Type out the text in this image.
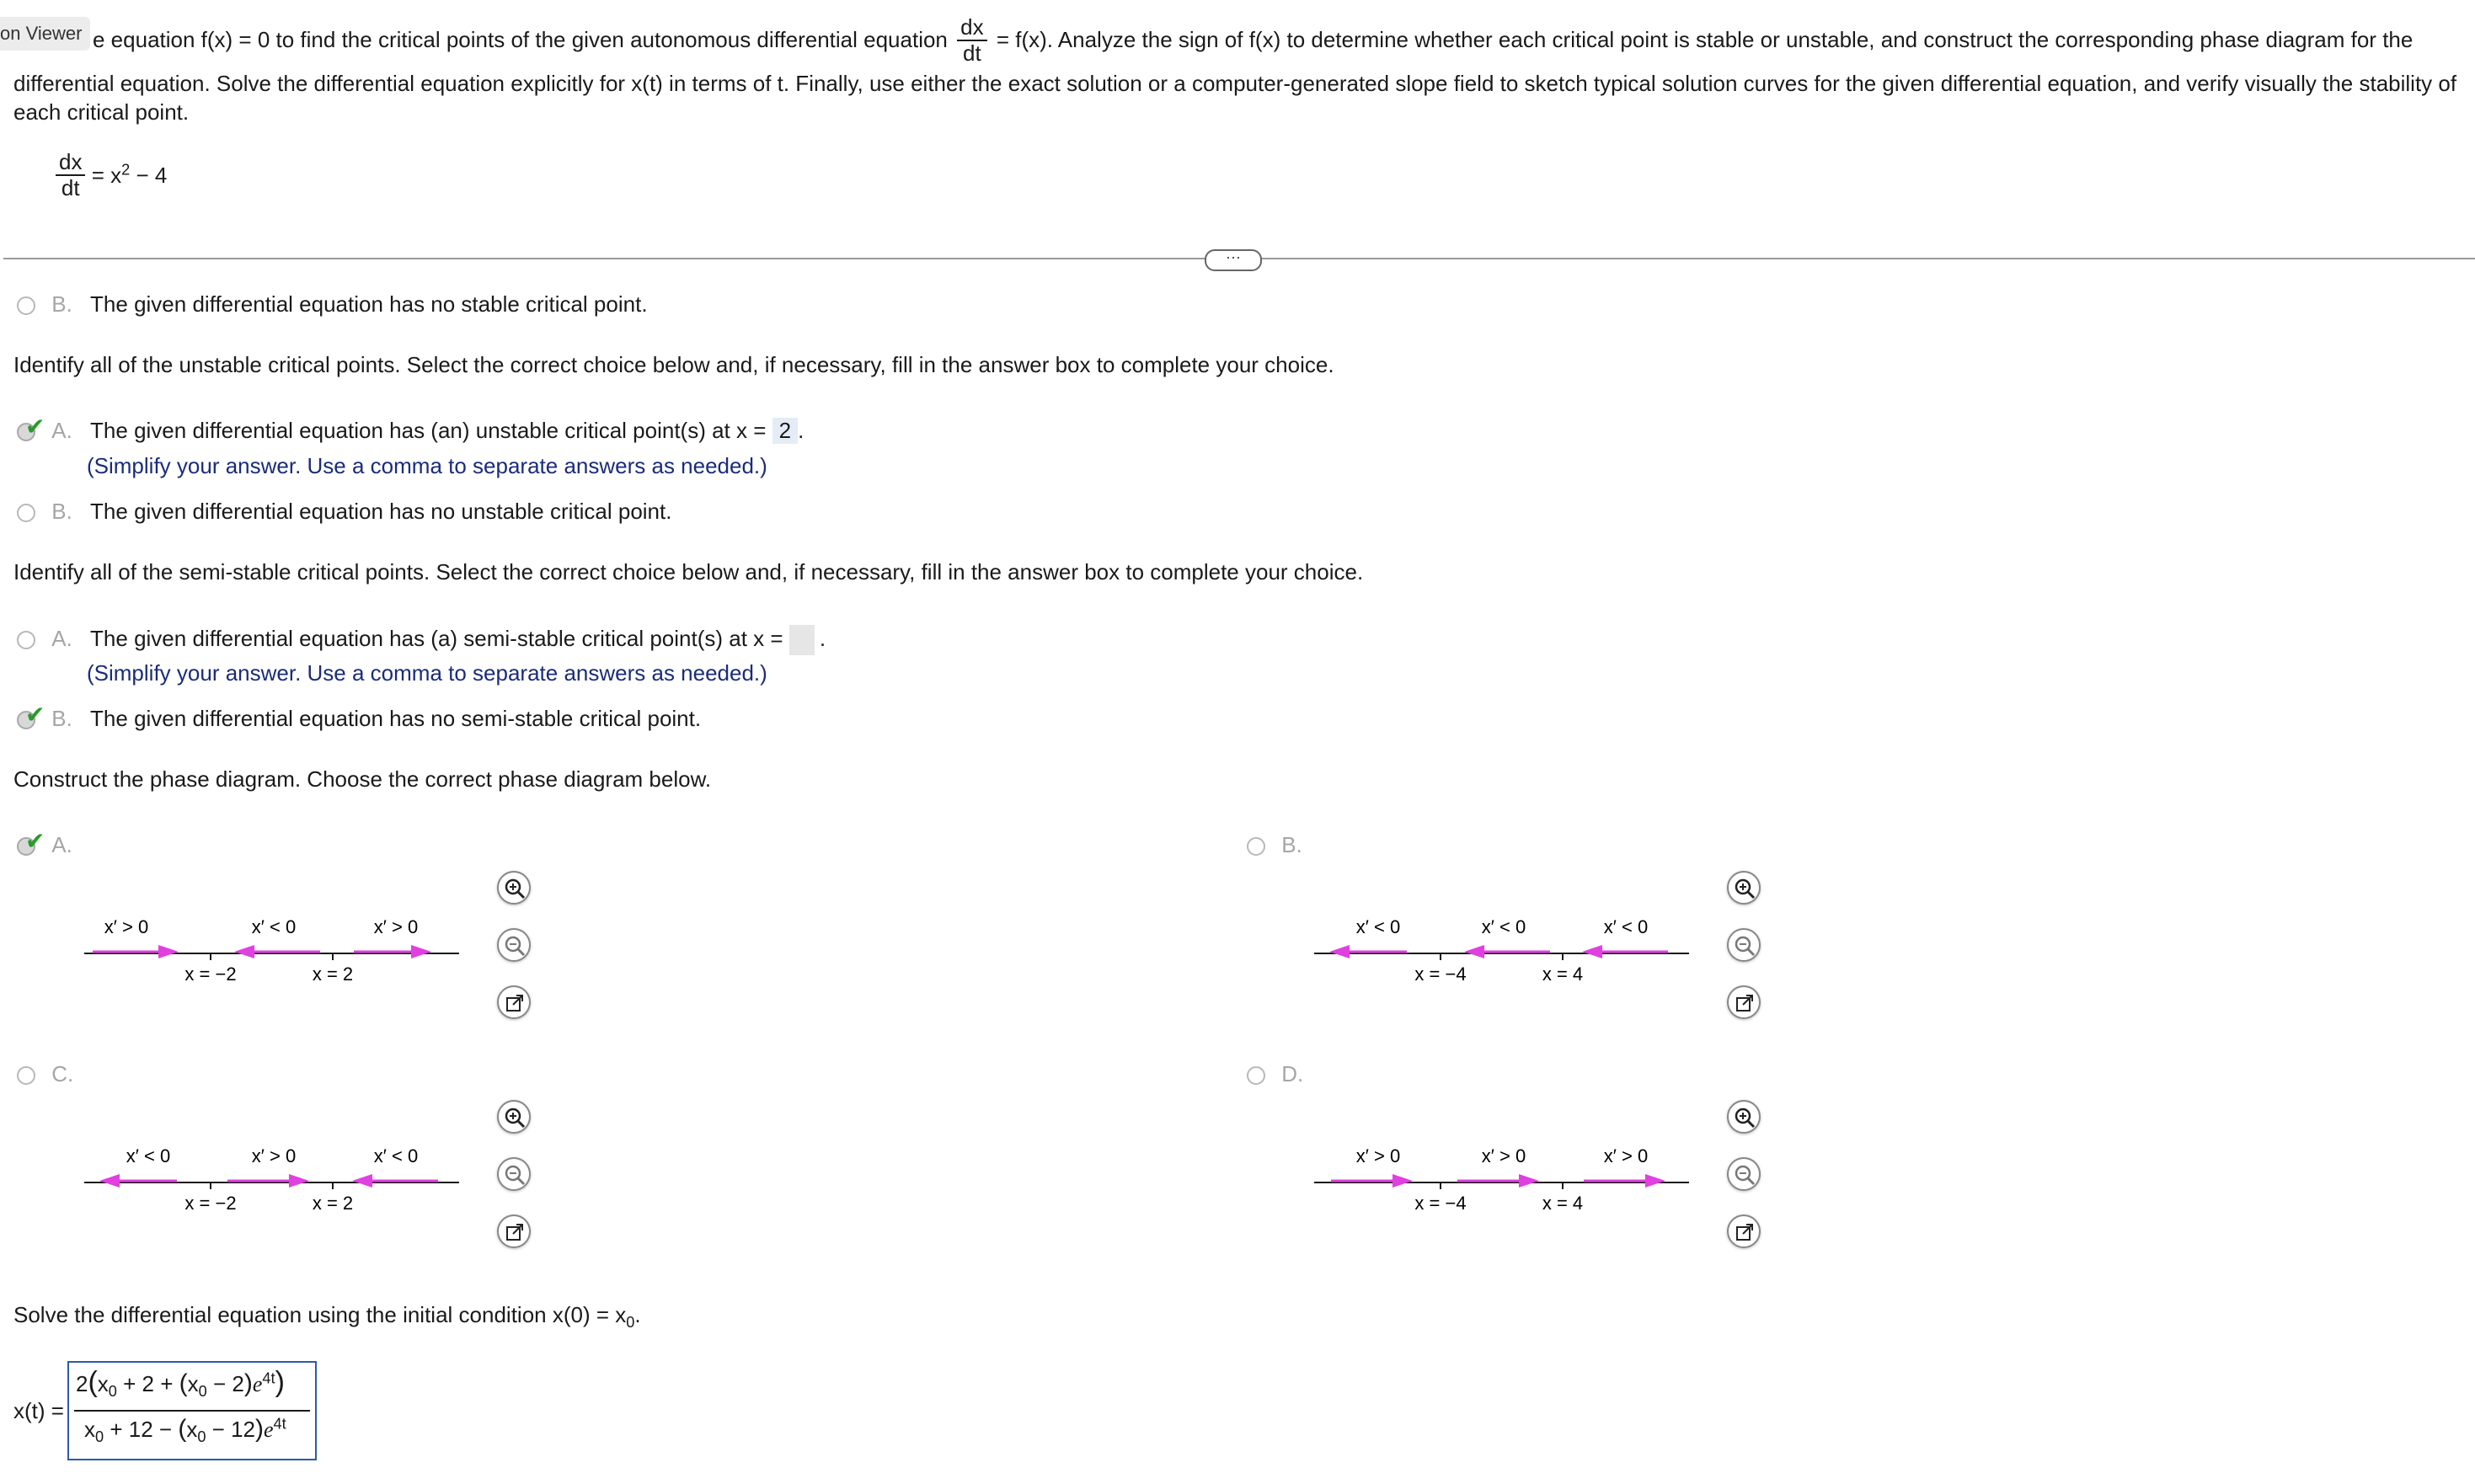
on Viewer e equation f(x) = 0 to find the critical points of the given autonomous differential equation $\frac{dx}{dt} = f(x)$. Analyze the sign of f(x) to determine whether each critical point is stable or unstable, and construct the corresponding phase diagram for the
differential equation. Solve the differential equation explicitly for x(t) in terms of t. Finally, use either the exact solution or a computer-generated slope field to sketch typical solution curves for the given differential equation, and verify visually the stability of
each critical point.
$\frac{dx}{dt} = x^2 - 4$
···
B. The given differential equation has no stable critical point.
Identify all of the unstable critical points. Select the correct choice below and, if necessary, fill in the answer box to complete your choice.

✔ A. The given differential equation has (an) unstable critical point(s) at x = 2 .
(Simplify your answer. Use a comma to separate answers as needed.)
B. The given differential equation has no unstable critical point.
Identify all of the semi-stable critical points. Select the correct choice below and, if necessary, fill in the answer box to complete your choice.
A. The given differential equation has (a) semi-stable critical point(s) at x = .
(Simplify your answer. Use a comma to separate answers as needed.)

✔ B. The given differential equation has no semi-stable critical point.
Construct the phase diagram. Choose the correct phase diagram below.

✔ A.
x′ > 0	x′ < 0	x′ > 0
x = −2	x = 2
B.
x′ < 0	x′ < 0	x′ < 0
x = −4	x = 4
C.
x′ < 0	x′ > 0	x′ < 0
x = −2	x = 2
D.
x′ > 0	x′ > 0	x′ > 0
x = −4	x = 4
Solve the differential equation using the initial condition $x(0) = x_0$.
x(t) =
$2(x_0 + 2 + (x_0 - 2)e^{4t})$
$x_0 + 12 - (x_0 - 12)e^{4t}$
